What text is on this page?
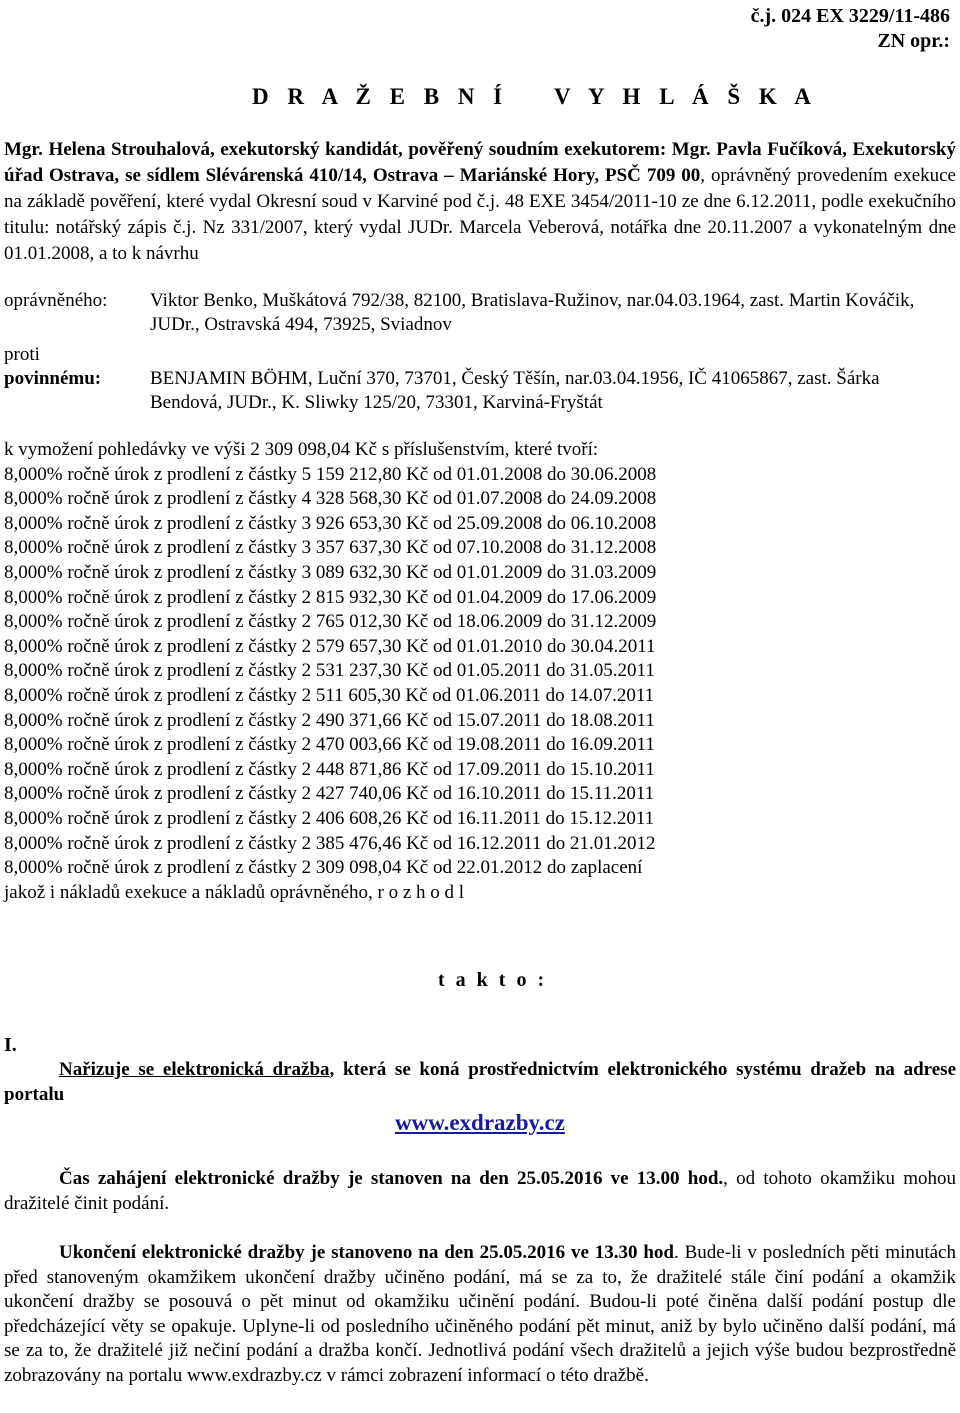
č.j. 024 EX 3229/11-486
ZN opr.:
D R A Ž E B N Í   V Y H L Á Š K A
Mgr. Helena Strouhalová, exekutorský kandidát, pověřený soudním exekutorem: Mgr. Pavla Fučíková, Exekutorský úřad Ostrava, se sídlem Slévárenská 410/14, Ostrava – Mariánské Hory, PSČ 709 00, oprávněný provedením exekuce na základě pověření, které vydal Okresní soud v Karviné pod č.j. 48 EXE 3454/2011-10 ze dne 6.12.2011, podle exekučního titulu: notářský zápis č.j. Nz 331/2007, který vydal JUDr. Marcela Veberová, notářka dne 20.11.2007 a vykonatelným dne 01.01.2008, a to k návrhu
oprávněného:	Viktor Benko, Muškátová 792/38, 82100, Bratislava-Ružinov, nar.04.03.1964, zast. Martin Kováčik, JUDr., Ostravská 494, 73925, Sviadnov
proti
povinnému:	BENJAMIN BÖHM, Luční 370, 73701, Český Těšín, nar.03.04.1956, IČ 41065867, zast. Šárka Bendová, JUDr., K. Sliwky 125/20, 73301, Karviná-Fryštát
k vymožení pohledávky ve výši 2 309 098,04 Kč s příslušenstvím, které tvoří:
8,000% ročně úrok z prodlení z částky 5 159 212,80 Kč od 01.01.2008 do 30.06.2008
8,000% ročně úrok z prodlení z částky 4 328 568,30 Kč od 01.07.2008 do 24.09.2008
8,000% ročně úrok z prodlení z částky 3 926 653,30 Kč od 25.09.2008 do 06.10.2008
8,000% ročně úrok z prodlení z částky 3 357 637,30 Kč od 07.10.2008 do 31.12.2008
8,000% ročně úrok z prodlení z částky 3 089 632,30 Kč od 01.01.2009 do 31.03.2009
8,000% ročně úrok z prodlení z částky 2 815 932,30 Kč od 01.04.2009 do 17.06.2009
8,000% ročně úrok z prodlení z částky 2 765 012,30 Kč od 18.06.2009 do 31.12.2009
8,000% ročně úrok z prodlení z částky 2 579 657,30 Kč od 01.01.2010 do 30.04.2011
8,000% ročně úrok z prodlení z částky 2 531 237,30 Kč od 01.05.2011 do 31.05.2011
8,000% ročně úrok z prodlení z částky 2 511 605,30 Kč od 01.06.2011 do 14.07.2011
8,000% ročně úrok z prodlení z částky 2 490 371,66 Kč od 15.07.2011 do 18.08.2011
8,000% ročně úrok z prodlení z částky 2 470 003,66 Kč od 19.08.2011 do 16.09.2011
8,000% ročně úrok z prodlení z částky 2 448 871,86 Kč od 17.09.2011 do 15.10.2011
8,000% ročně úrok z prodlení z částky 2 427 740,06 Kč od 16.10.2011 do 15.11.2011
8,000% ročně úrok z prodlení z částky 2 406 608,26 Kč od 16.11.2011 do 15.12.2011
8,000% ročně úrok z prodlení z částky 2 385 476,46 Kč od 16.12.2011 do 21.01.2012
8,000% ročně úrok z prodlení z částky 2 309 098,04 Kč od 22.01.2012 do zaplacení
jakož i nákladů exekuce a nákladů oprávněného, r o z h o d l
t a k t o :
I.
Nařizuje se elektronická dražba, která se koná prostřednictvím elektronického systému dražeb na adrese portalu
www.exdrazby.cz
Čas zahájení elektronické dražby je stanoven na den 25.05.2016 ve 13.00 hod., od tohoto okamžiku mohou dražitelé činit podání.
Ukončení elektronické dražby je stanoveno na den 25.05.2016 ve 13.30 hod. Bude-li v posledních pěti minutách před stanoveným okamžikem ukončení dražby učiněno podání, má se za to, že dražitelé stále činí podání a okamžik ukončení dražby se posouvá o pět minut od okamžiku učinění podání. Budou-li poté činěna další podání postup dle předcházející věty se opakuje. Uplyne-li od posledního učiněného podání pět minut, aniž by bylo učiněno další podání, má se za to, že dražitelé již nečiní podání a dražba končí. Jednotlivá podání všech dražitelů a jejich výše budou bezprostředně zobrazovány na portalu www.exdrazby.cz v rámci zobrazení informací o této dražbě.
